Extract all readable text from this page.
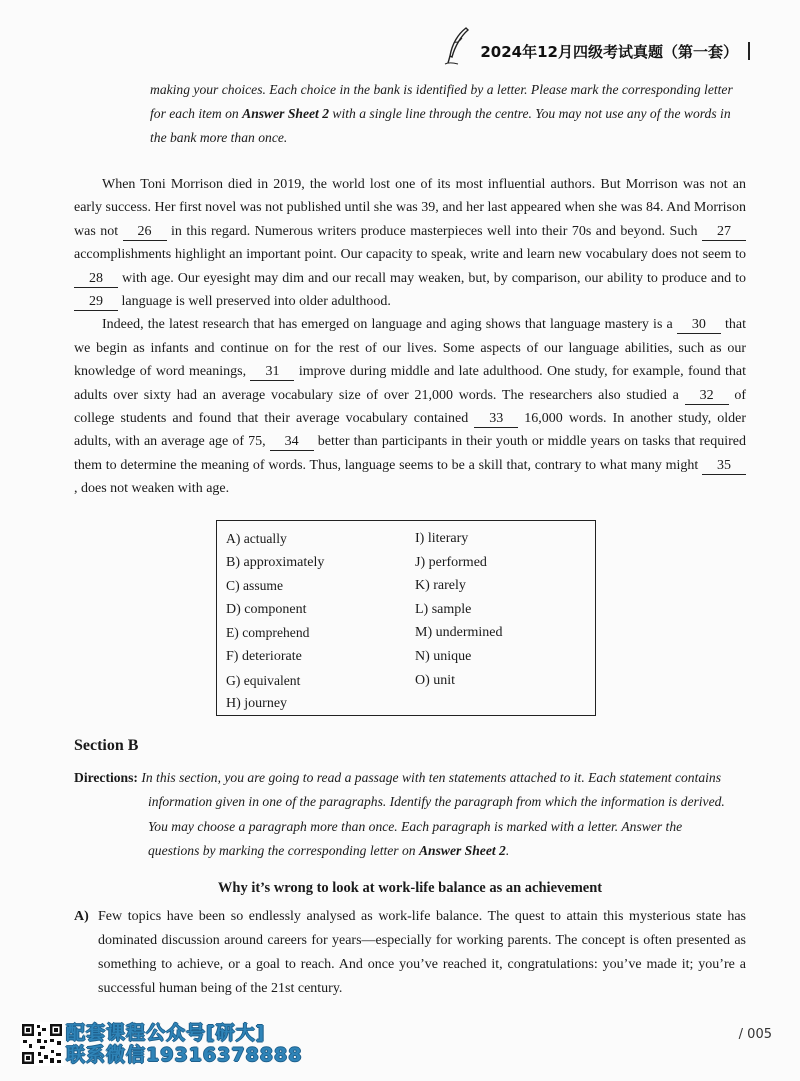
2024年12月四级考试真题（第一套）
making your choices. Each choice in the bank is identified by a letter. Please mark the corresponding letter
for each item on Answer Sheet 2 with a single line through the centre. You may not use any of the words in
the bank more than once.

When Toni Morrison died in 2019, the world lost one of its most influential authors. But Morrison was not an early success. Her first novel was not published until she was 39, and her last appeared when she was 84. And Morrison was not 26 in this regard. Numerous writers produce masterpieces well into their 70s and beyond. Such 27 accomplishments highlight an important point. Our capacity to speak, write and learn new vocabulary does not seem to 28 with age. Our eyesight may dim and our recall may weaken, but, by comparison, our ability to produce and to 29 language is well preserved into older adulthood.

Indeed, the latest research that has emerged on language and aging shows that language mastery is a 30 that we begin as infants and continue on for the rest of our lives. Some aspects of our language abilities, such as our knowledge of word meanings, 31 improve during middle and late adulthood. One study, for example, found that adults over sixty had an average vocabulary size of over 21,000 words. The researchers also studied a 32 of college students and found that their average vocabulary contained 33 16,000 words. In another study, older adults, with an average age of 75, 34 better than participants in their youth or middle years on tasks that required them to determine the meaning of words. Thus, language seems to be a skill that, contrary to what many might 35 , does not weaken with age.

A) actually
B) approximately
C) assume
D) component
E) comprehend
F) deteriorate
G) equivalent
H) journey
I) literary
J) performed
K) rarely
L) sample
M) undermined
N) unique
O) unit
Section B
Directions: In this section, you are going to read a passage with ten statements attached to it. Each statement contains
information given in one of the paragraphs. Identify the paragraph from which the information is derived.
You may choose a paragraph more than once. Each paragraph is marked with a letter. Answer the
questions by marking the corresponding letter on Answer Sheet 2.
Why it’s wrong to look at work-life balance as an achievement
A) Few topics have been so endlessly analysed as work-life balance. The quest to attain this mysterious state has dominated discussion around careers for years—especially for working parents. The concept is often presented as something to achieve, or a goal to reach. And once you’ve reached it, congratulations: you’ve made it; you’re a successful human being of the 21st century.
配套课程公众号[研大]
联系微信19316378888
/ 005
